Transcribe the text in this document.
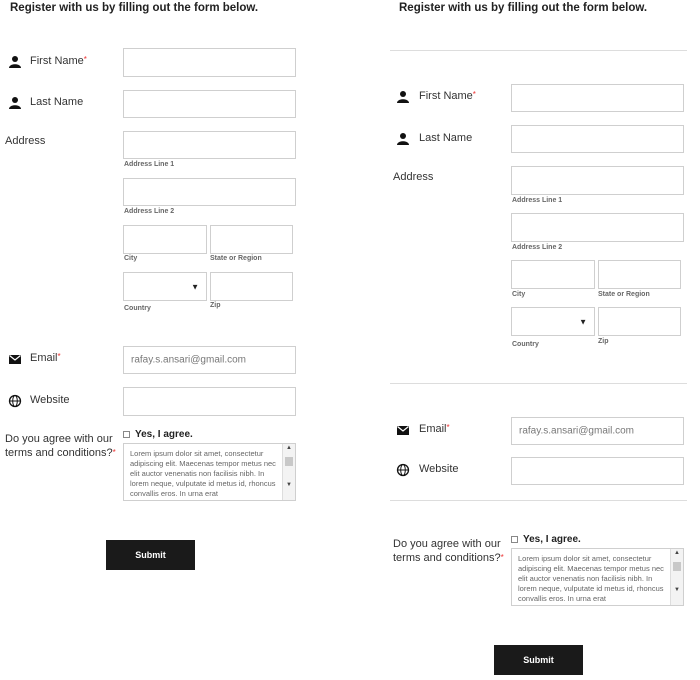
Register with us by filling out the form below.
First Name*
Last Name
Address
Address Line 1
Address Line 2
City	State or Region
▼
Country	Zip
Email*	rafay.s.ansari@gmail.com
Website
Do you agree with our
terms and conditions?*
Yes, I agree.
Lorem ipsum dolor sit amet, consectetur adipiscing elit. Maecenas tempor metus nec elit auctor venenatis non facilisis nibh. In lorem neque, vulputate id metus id, rhoncus convallis eros. In urna erat
▲
▼
Submit
Register with us by filling out the form below.
First Name*
Last Name
Address
Address Line 1
Address Line 2
City	State or Region
▼
Country	Zip
Email*	rafay.s.ansari@gmail.com
Website
Do you agree with our
terms and conditions?*
Yes, I agree.
Lorem ipsum dolor sit amet, consectetur adipiscing elit. Maecenas tempor metus nec elit auctor venenatis non facilisis nibh. In lorem neque, vulputate id metus id, rhoncus convallis eros. In urna erat
▲
▼
Submit
